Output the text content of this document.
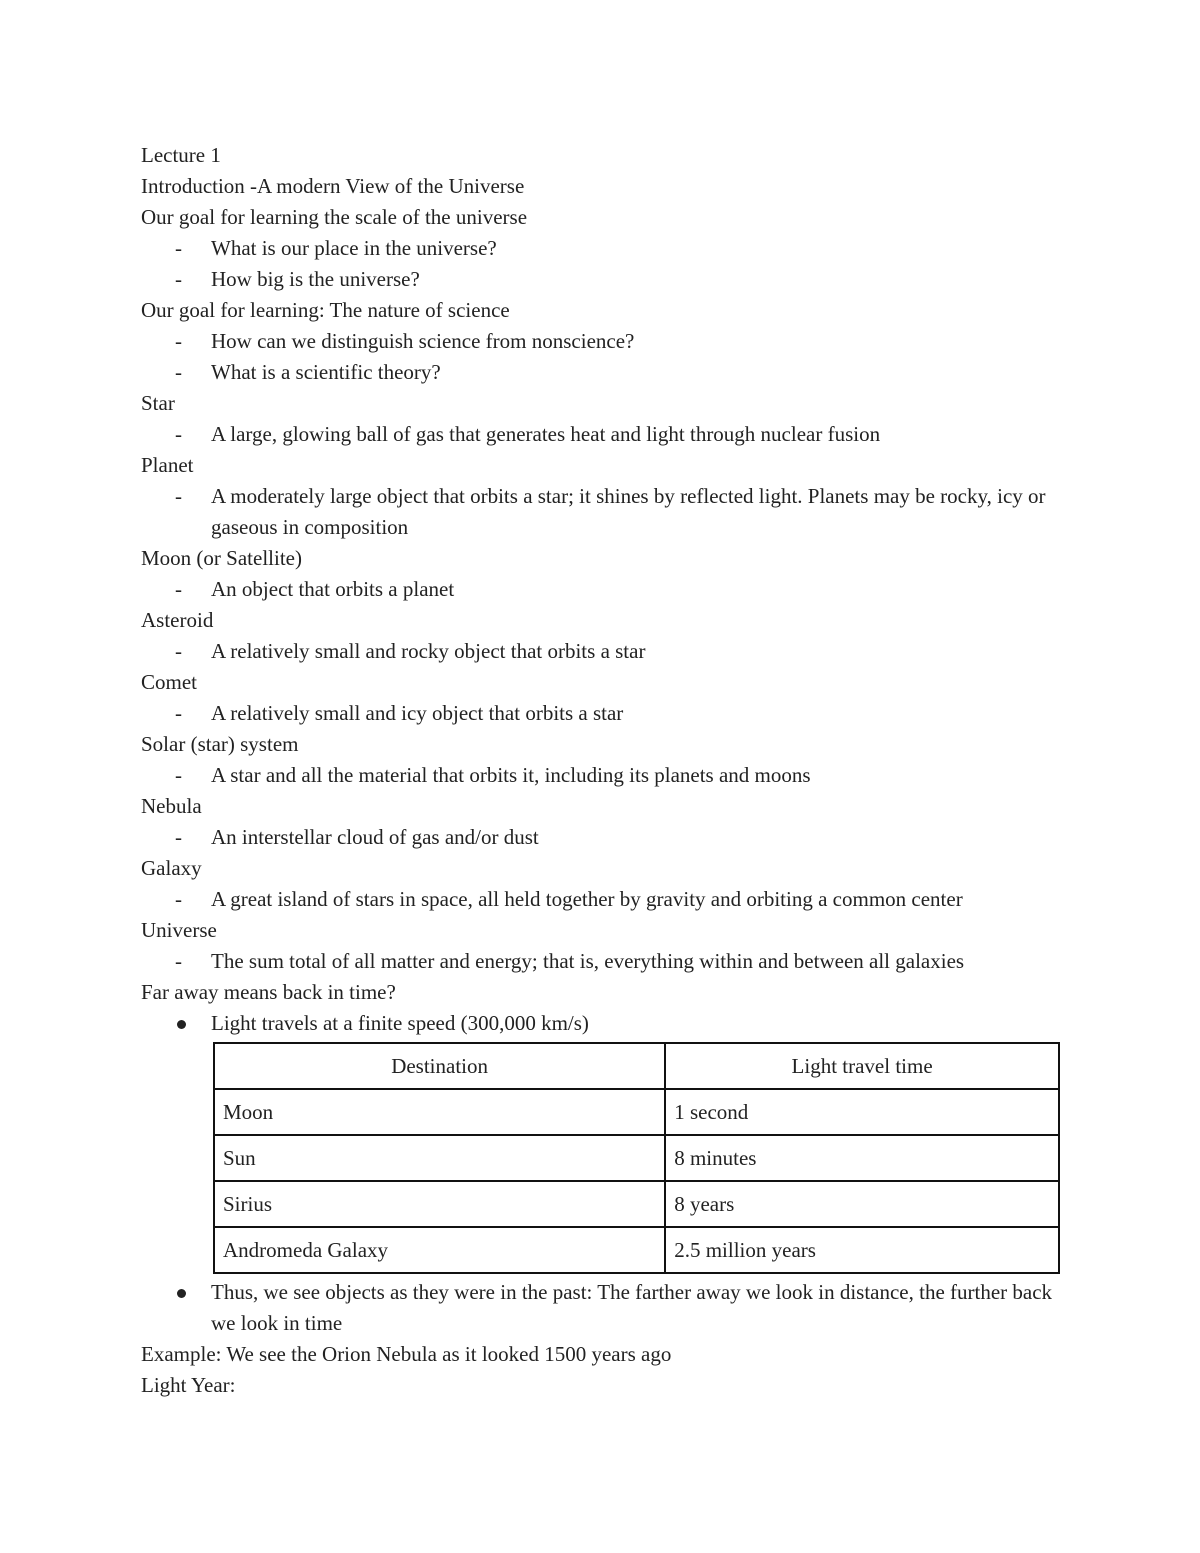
Lecture 1
Introduction -A modern View of the Universe
Our goal for learning the scale of the universe
- What is our place in the universe?
- How big is the universe?
Our goal for learning: The nature of science
- How can we distinguish science from nonscience?
- What is a scientific theory?
Star
- A large, glowing ball of gas that generates heat and light through nuclear fusion
Planet
- A moderately large object that orbits a star; it shines by reflected light. Planets may be rocky, icy or gaseous in composition
Moon (or Satellite)
- An object that orbits a planet
Asteroid
- A relatively small and rocky object that orbits a star
Comet
- A relatively small and icy object that orbits a star
Solar (star) system
- A star and all the material that orbits it, including its planets and moons
Nebula
- An interstellar cloud of gas and/or dust
Galaxy
- A great island of stars in space, all held together by gravity and orbiting a common center
Universe
- The sum total of all matter and energy; that is, everything within and between all galaxies
Far away means back in time?
Light travels at a finite speed (300,000 km/s)
Destination	Light travel time
Moon	1 second
Sun	8 minutes
Sirius	8 years
Andromeda Galaxy	2.5 million years
Thus, we see objects as they were in the past: The farther away we look in distance, the further back we look in time
Example: We see the Orion Nebula as it looked 1500 years ago
Light Year:
